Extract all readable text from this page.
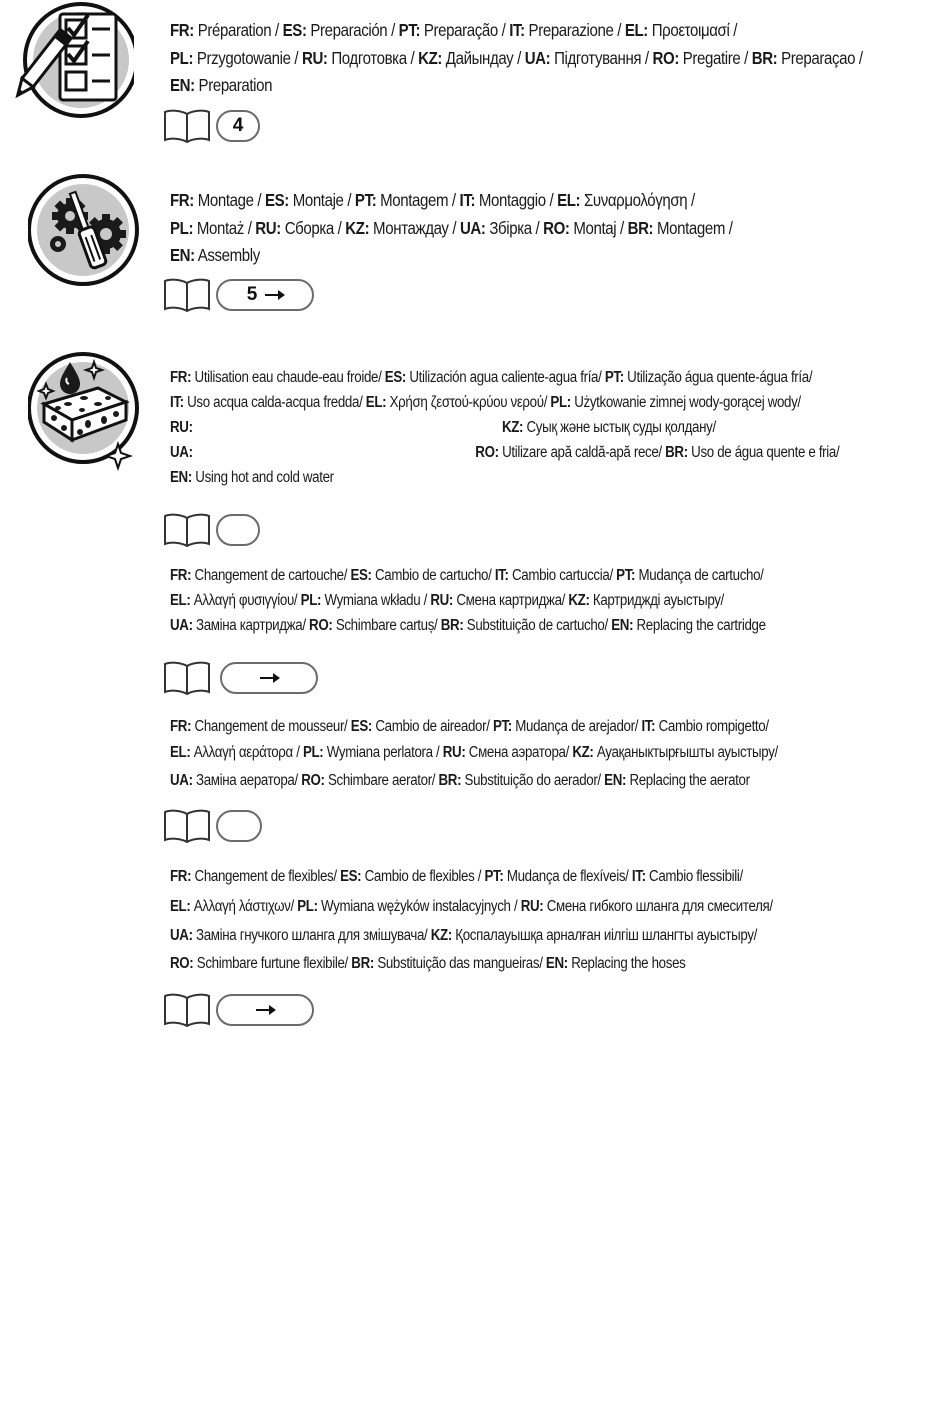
FR: Préparation / ES: Preparación / PT: Preparação / IT: Preparazione / EL: Προετοιμασί /

PL: Przygotowanie / RU: Подготовка / KZ: Дайындау / UA: Підготування / RO: Pregatire / BR: Preparaçao /

EN: Preparation

4

FR: Montage / ES: Montaje / PT: Montagem / IT: Montaggio / EL: Συναρμολόγηση /

PL: Montaż / RU: Сборка / KZ: Монтаждау / UA: Збірка / RO: Montaj / BR: Montagem /

EN: Assembly

5

FR: Utilisation eau chaude-eau froide/ ES: Utilización agua caliente-agua fría/ PT: Utilização água quente-água fría/

IT: Uso acqua calda-acqua fredda/ EL: Χρήση ζεστού-κρύου νερού/ PL: Użytkowanie zimnej wody-gorącej wody/

RU:	KZ: Суық және ыстық суды қолдану/

UA:	RO: Utilizare apă caldă-apă rece/ BR: Uso de água quente e fria/

EN: Using hot and cold water

FR: Changement de cartouche/ ES: Cambio de cartucho/ IT: Cambio cartuccia/ PT: Mudança de cartucho/

EL: Αλλαγή φυσιγγίου/ PL: Wymiana wkładu / RU: Смена картриджа/ KZ: Картриджді ауыстыру/

UA: Заміна картриджа/ RO: Schimbare cartuș/ BR: Substituição de cartucho/ EN: Replacing the cartridge

FR: Changement de mousseur/ ES: Cambio de aireador/ PT: Mudança de arejador/ IT: Cambio rompigetto/

EL: Αλλαγή αεράτορα / PL: Wymiana perlatora / RU: Смена аэратора/ KZ: Ауақаныктырғышты ауыстыру/

UA: Заміна аератора/ RO: Schimbare aerator/ BR: Substituição do aerador/ EN: Replacing the aerator

FR: Changement de flexibles/ ES: Cambio de flexibles / PT: Mudança de flexíveis/ IT: Cambio flessibili/

EL: Αλλαγή λάστιχων/ PL: Wymiana wężyków instalacyjnych / RU: Смена гибкого шланга для смесителя/

UA: Заміна гнучкого шланга для змішувача/ KZ: Қоспалауышқа арналған иілгіш шлангты ауыстыру/

RO: Schimbare furtune flexibile/ BR: Substituição das mangueiras/ EN: Replacing the hoses
